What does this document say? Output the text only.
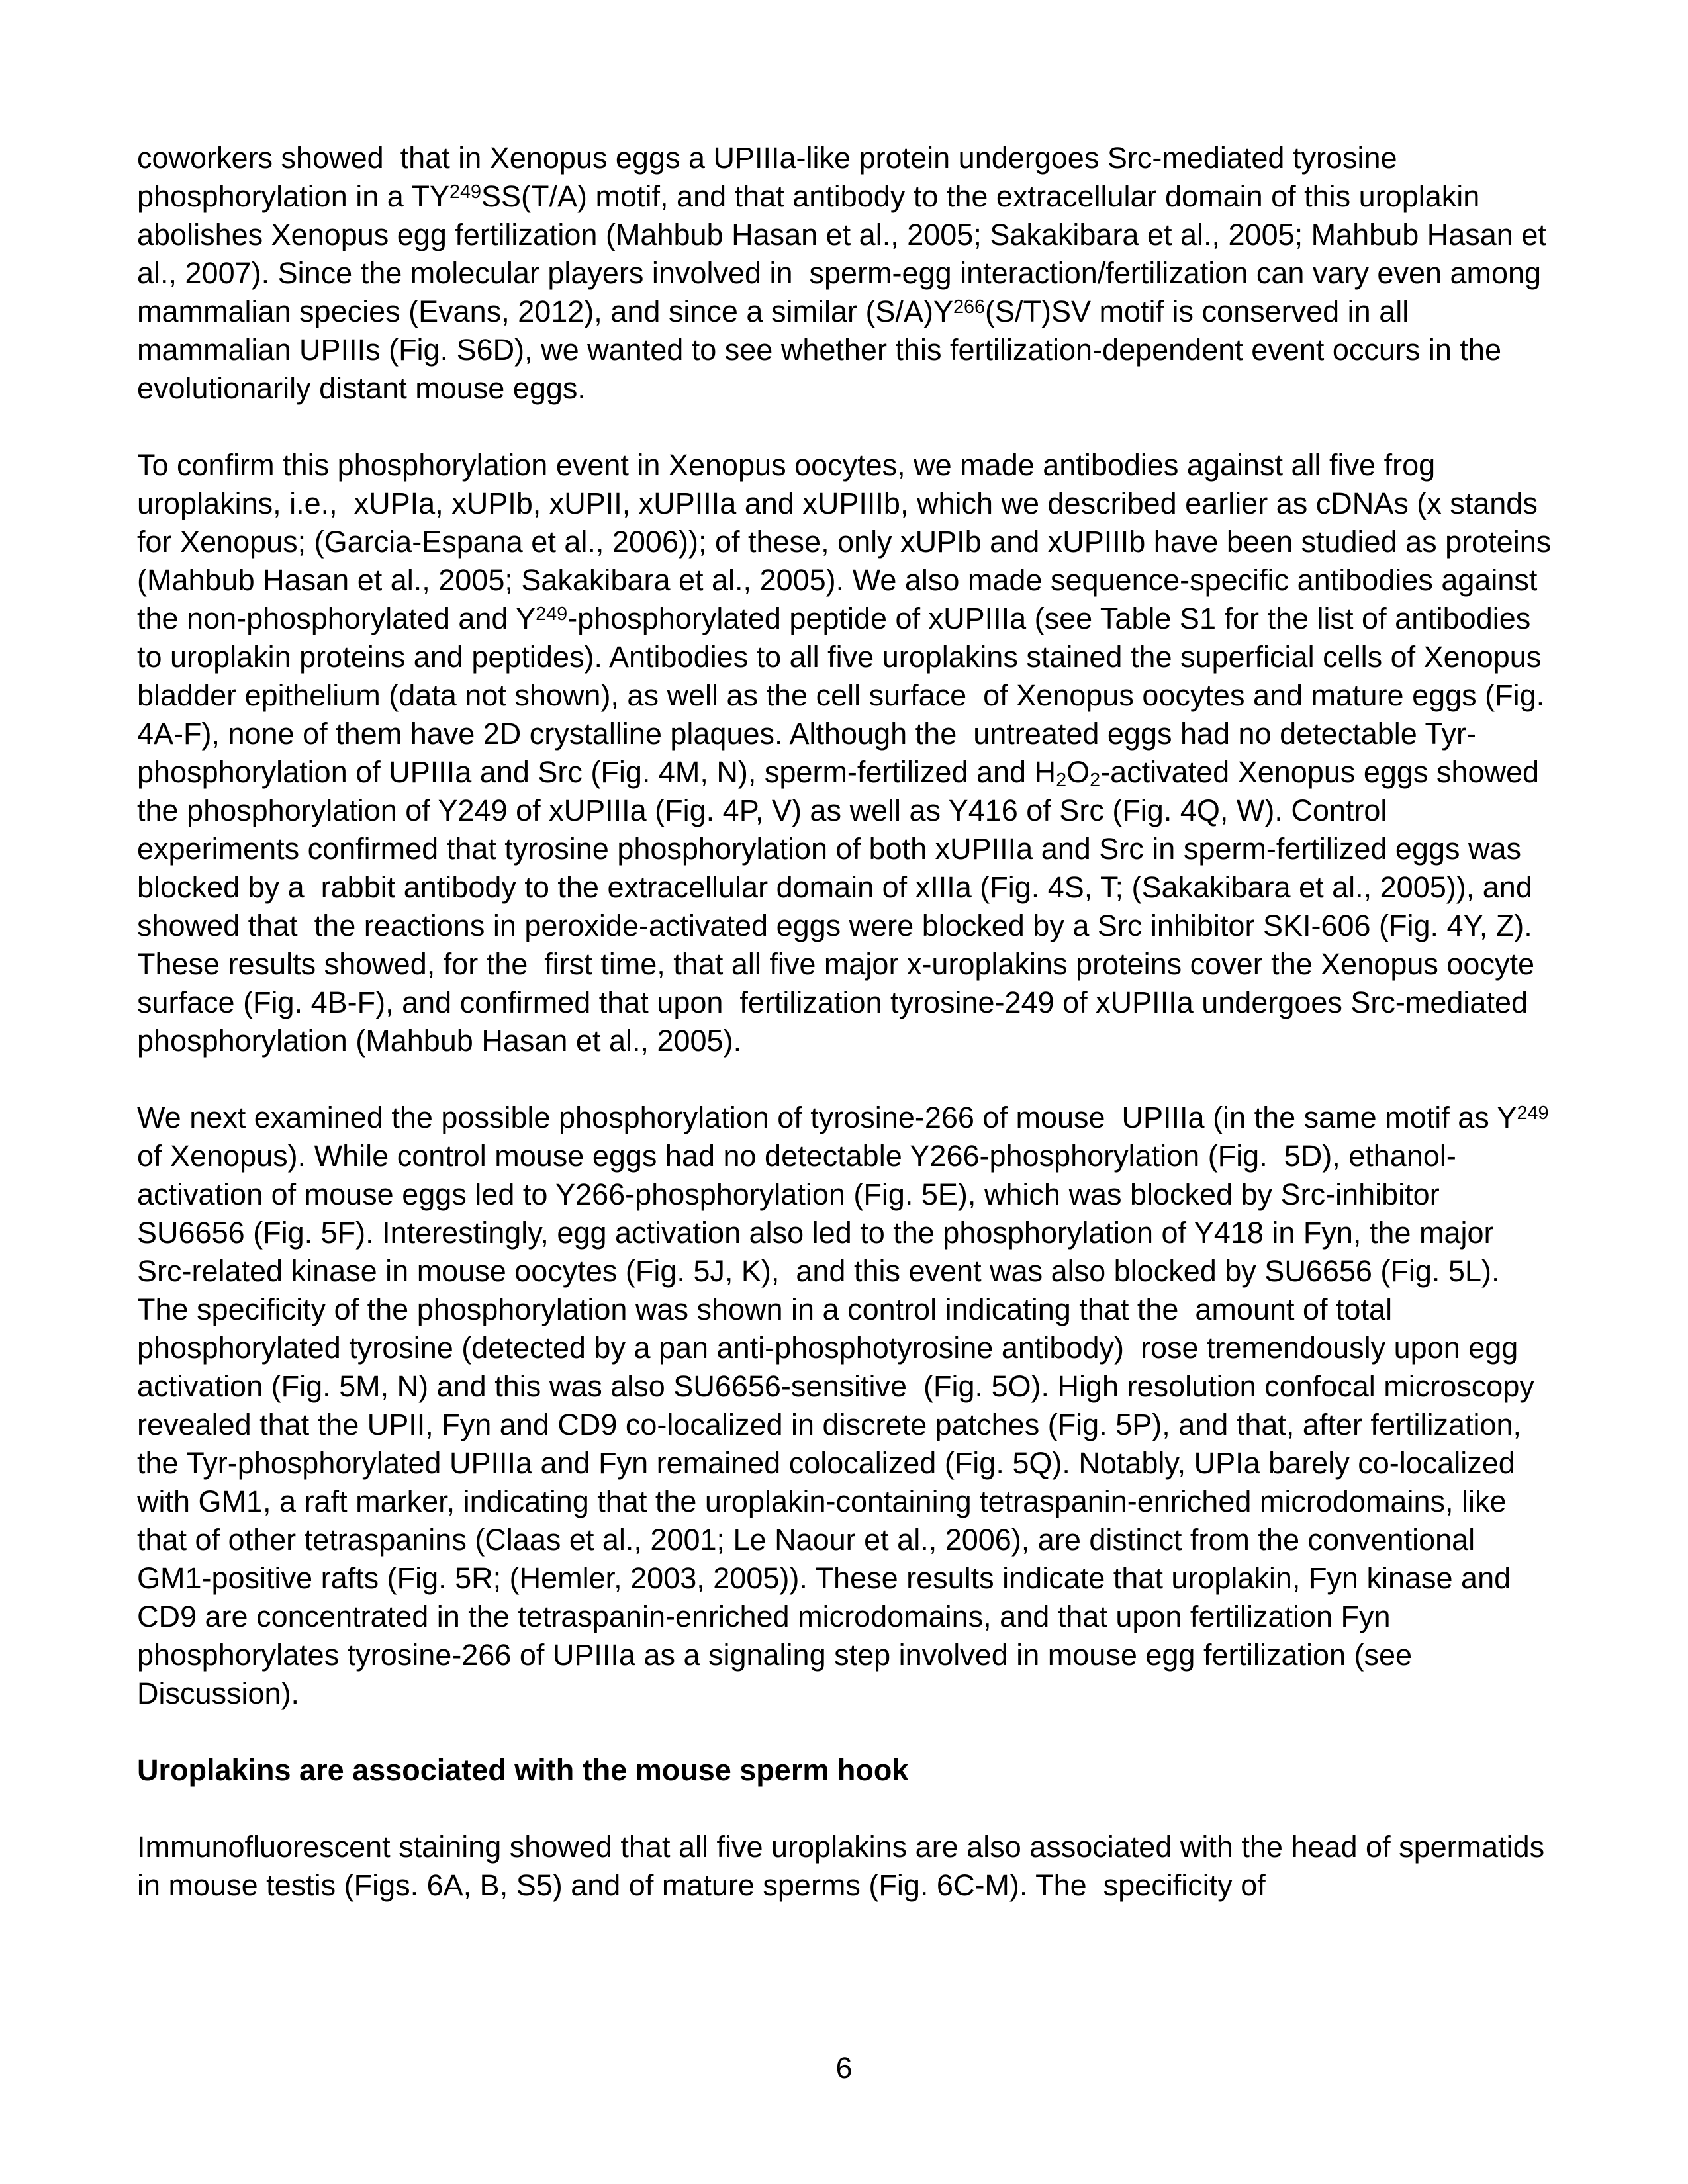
coworkers showed  that in Xenopus eggs a UPIIIa-like protein undergoes Src-mediated tyrosine phosphorylation in a TY$^{249}$SS(T/A) motif, and that antibody to the extracellular domain of this uroplakin abolishes Xenopus egg fertilization (Mahbub Hasan et al., 2005; Sakakibara et al., 2005; Mahbub Hasan et al., 2007). Since the molecular players involved in  sperm-egg interaction/fertilization can vary even among mammalian species (Evans, 2012), and since a similar $(S/A)Y^{266}(S/T)SV$ motif is conserved in all mammalian UPIIIs (Fig. S6D), we wanted to see whether this fertilization-dependent event occurs in the evolutionarily distant mouse eggs.

To confirm this phosphorylation event in Xenopus oocytes, we made antibodies against all five frog uroplakins, i.e.,  xUPIa, xUPIb, xUPII, xUPIIIa and xUPIIIb, which we described earlier as cDNAs (x stands for Xenopus; (Garcia-Espana et al., 2006)); of these, only xUPIb and xUPIIIb have been studied as proteins (Mahbub Hasan et al., 2005; Sakakibara et al., 2005). We also made sequence-specific antibodies against the non-phosphorylated and $Y^{249}$-phosphorylated peptide of xUPIIIa (see Table S1 for the list of antibodies to uroplakin proteins and peptides). Antibodies to all five uroplakins stained the superficial cells of Xenopus  bladder epithelium (data not shown), as well as the cell surface  of Xenopus oocytes and mature eggs (Fig. 4A-F), none of them have 2D crystalline plaques. Although the  untreated eggs had no detectable Tyr-phosphorylation of UPIIIa and Src (Fig. 4M, N), sperm-fertilized and H2O2-activated Xenopus eggs showed the phosphorylation of Y249 of xUPIIIa (Fig. 4P, V) as well as Y416 of Src (Fig. 4Q, W). Control experiments confirmed that tyrosine phosphorylation of both xUPIIIa and Src in sperm-fertilized eggs was blocked by a  rabbit antibody to the extracellular domain of xIIIa (Fig. 4S, T; (Sakakibara et al., 2005)), and showed that  the reactions in peroxide-activated eggs were blocked by a Src inhibitor SKI-606 (Fig. 4Y, Z). These results showed, for the  first time, that all five major x-uroplakins proteins cover the Xenopus oocyte  surface (Fig. 4B-F), and confirmed that upon  fertilization tyrosine-249 of xUPIIIa undergoes Src-mediated phosphorylation (Mahbub Hasan et al., 2005).

We next examined the possible phosphorylation of tyrosine-266 of mouse  UPIIIa (in the same motif as $Y^{249}$ of Xenopus). While control mouse eggs had no detectable Y266-phosphorylation (Fig.  5D), ethanol-activation of mouse eggs led to Y266-phosphorylation (Fig. 5E), which was blocked by Src-inhibitor SU6656 (Fig. 5F). Interestingly, egg activation also led to the phosphorylation of Y418 in Fyn, the major Src-related kinase in mouse oocytes (Fig. 5J, K),  and this event was also blocked by SU6656 (Fig. 5L). The specificity of the phosphorylation was shown in a control indicating that the  amount of total phosphorylated tyrosine (detected by a pan anti-phosphotyrosine antibody)  rose tremendously upon egg activation (Fig. 5M, N) and this was also SU6656-sensitive  (Fig. 5O). High resolution confocal microscopy revealed that the UPII, Fyn and CD9 co-localized in discrete patches (Fig. 5P), and that, after fertilization, the Tyr-phosphorylated UPIIIa and Fyn remained colocalized (Fig. 5Q). Notably, UPIa barely co-localized with GM1, a raft marker, indicating that the uroplakin-containing tetraspanin-enriched microdomains, like that of other tetraspanins (Claas et al., 2001; Le Naour et al., 2006), are distinct from the conventional GM1-positive rafts (Fig. 5R; (Hemler, 2003, 2005)). These results indicate that uroplakin, Fyn kinase and CD9 are concentrated in the tetraspanin-enriched microdomains, and that upon fertilization Fyn phosphorylates tyrosine-266 of UPIIIa as a signaling step involved in mouse egg fertilization (see Discussion).

Uroplakins are associated with the mouse sperm hook

Immunofluorescent staining showed that all five uroplakins are also associated with the head of spermatids in mouse testis (Figs. 6A, B, S5) and of mature sperms (Fig. 6C-M). The  specificity of

6
